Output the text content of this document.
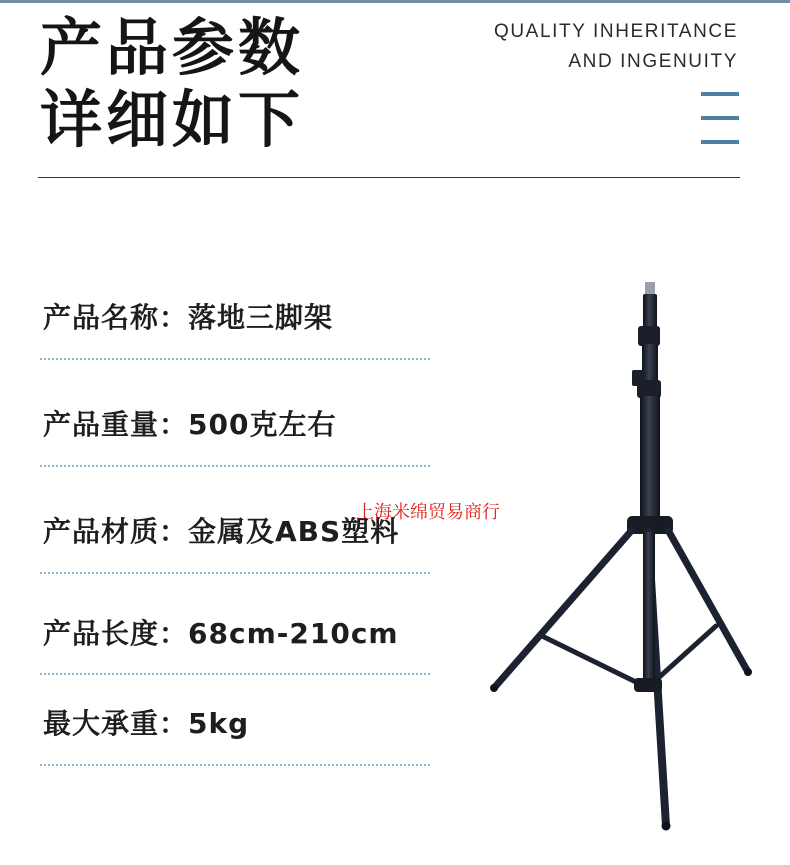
产品参数
详细如下
QUALITY INHERITANCE
AND INGENUITY
产品名称：落地三脚架
产品重量：500克左右
产品材质：金属及ABS塑料
产品长度：68cm-210cm
最大承重：5kg
上海米绵贸易商行
